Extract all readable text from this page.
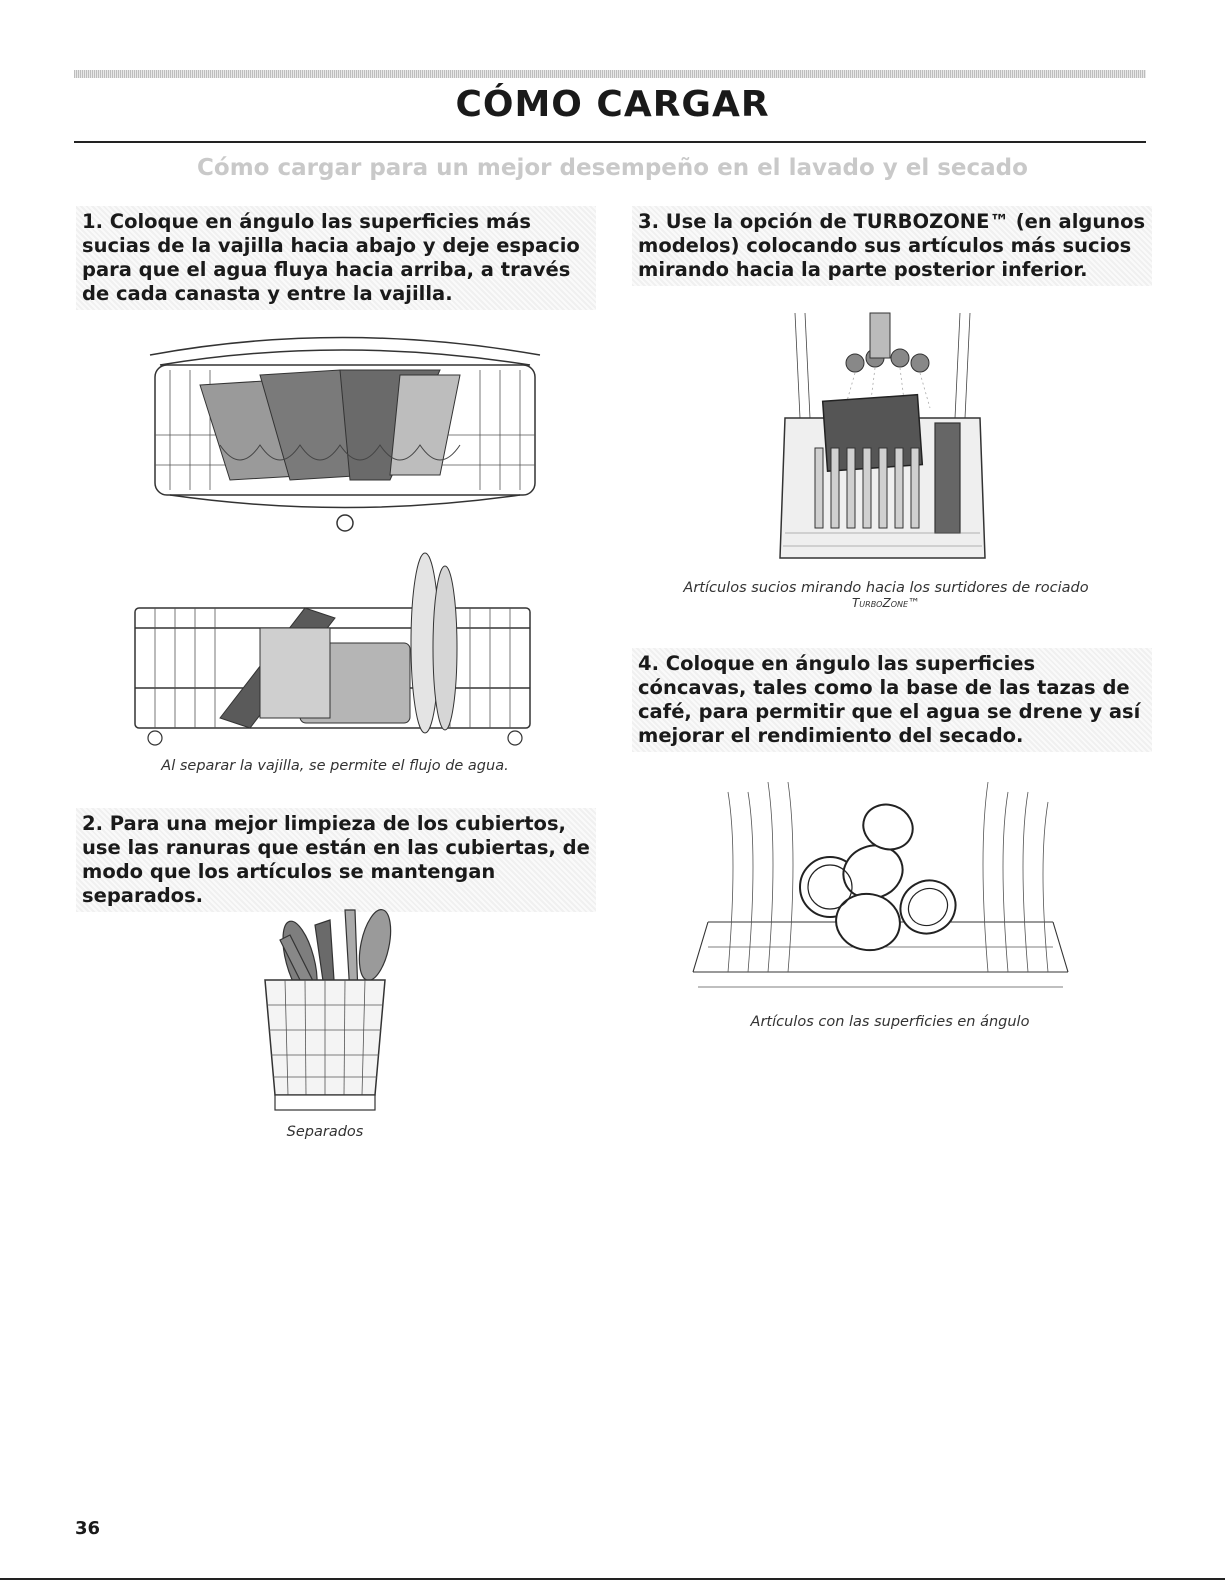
CÓMO CARGAR
Cómo cargar para un mejor desempeño en el lavado y el secado
1. Coloque en ángulo las superficies más sucias de la vajilla hacia abajo y deje espacio para que el agua fluya hacia arriba, a través de cada canasta y entre la vajilla.
Al separar la vajilla, se permite el flujo de agua.
2. Para una mejor limpieza de los cubiertos, use las ranuras que están en las cubiertas, de modo que los artículos se mantengan separados.
Separados
3. Use la opción de TURBOZONE™ (en algunos modelos) colocando sus artículos más sucios mirando hacia la parte posterior inferior.
Artículos sucios mirando hacia los surtidores de rociado
TurboZone™
4. Coloque en ángulo las superficies cóncavas, tales como la base de las tazas de café, para permitir que el agua se drene y así mejorar el rendimiento del secado.
Artículos con las superficies en ángulo
36
